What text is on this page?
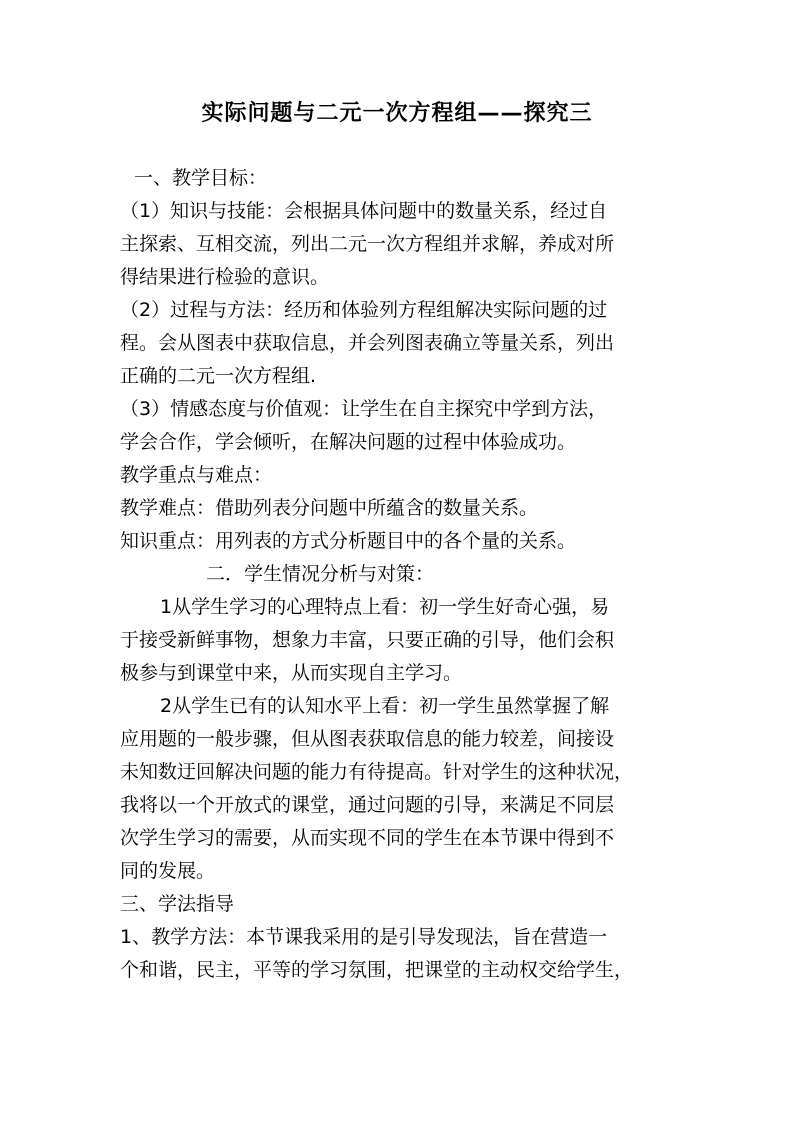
实际问题与二元一次方程组——探究三
一、教学目标：
（1）知识与技能：会根据具体问题中的数量关系，经过自
主探索、互相交流，列出二元一次方程组并求解，养成对所
得结果进行检验的意识。
（2）过程与方法：经历和体验列方程组解决实际问题的过
程。会从图表中获取信息，并会列图表确立等量关系，列出
正确的二元一次方程组.
（3）情感态度与价值观：让学生在自主探究中学到方法，
学会合作，学会倾听，在解决问题的过程中体验成功。
教学重点与难点：
教学难点：借助列表分问题中所蕴含的数量关系。
知识重点：用列表的方式分析题目中的各个量的关系。
二．学生情况分析与对策：
1从学生学习的心理特点上看：初一学生好奇心强，易
于接受新鲜事物，想象力丰富，只要正确的引导，他们会积
极参与到课堂中来，从而实现自主学习。
2从学生已有的认知水平上看：初一学生虽然掌握了解
应用题的一般步骤，但从图表获取信息的能力较差，间接设
未知数迂回解决问题的能力有待提高。针对学生的这种状况，
我将以一个开放式的课堂，通过问题的引导，来满足不同层
次学生学习的需要，从而实现不同的学生在本节课中得到不
同的发展。
三、学法指导
1、教学方法：本节课我采用的是引导发现法，旨在营造一
个和谐，民主，平等的学习氛围，把课堂的主动权交给学生，
